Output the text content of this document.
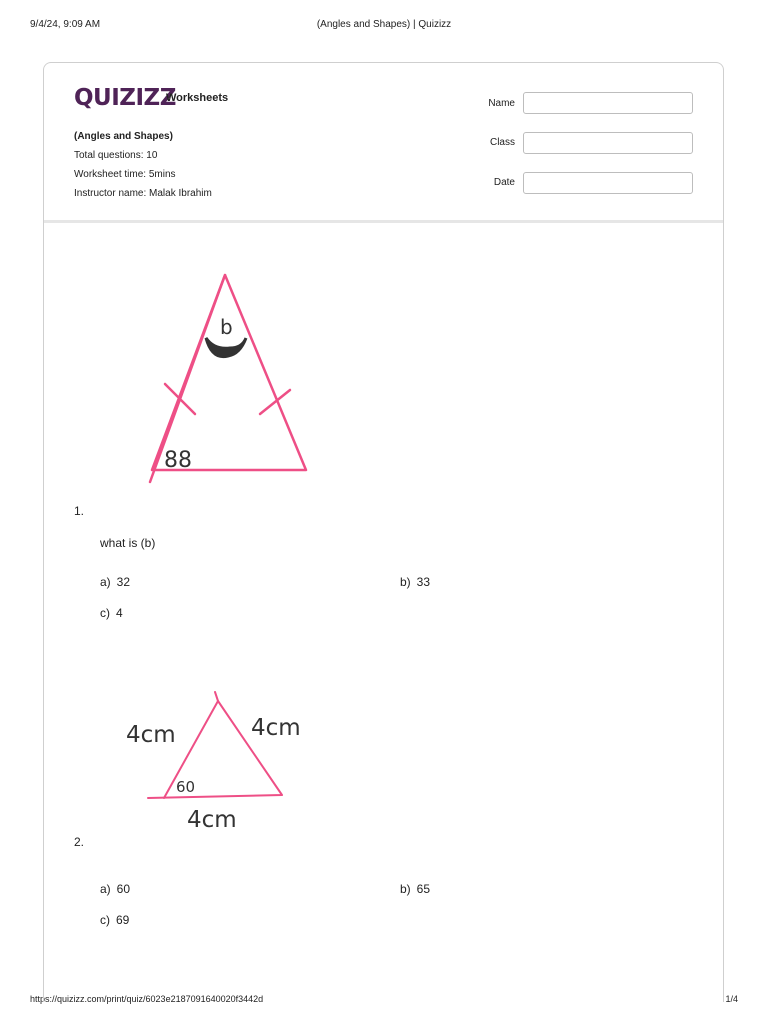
9/4/24, 9:09 AM	(Angles and Shapes) | Quizizz
https://quizizz.com/print/quiz/6023e2187091640020f3442d	1/4
QUIZIZZ
Worksheets
(Angles and Shapes)
Total questions: 10
Worksheet time: 5mins
Instructor name: Malak Ibrahim
Name
Class
Date
b
88
1.
what is (b)
a) 32	b) 33
c) 4
4cm	4cm
60
4cm
2.
a) 60	b) 65
c) 69
